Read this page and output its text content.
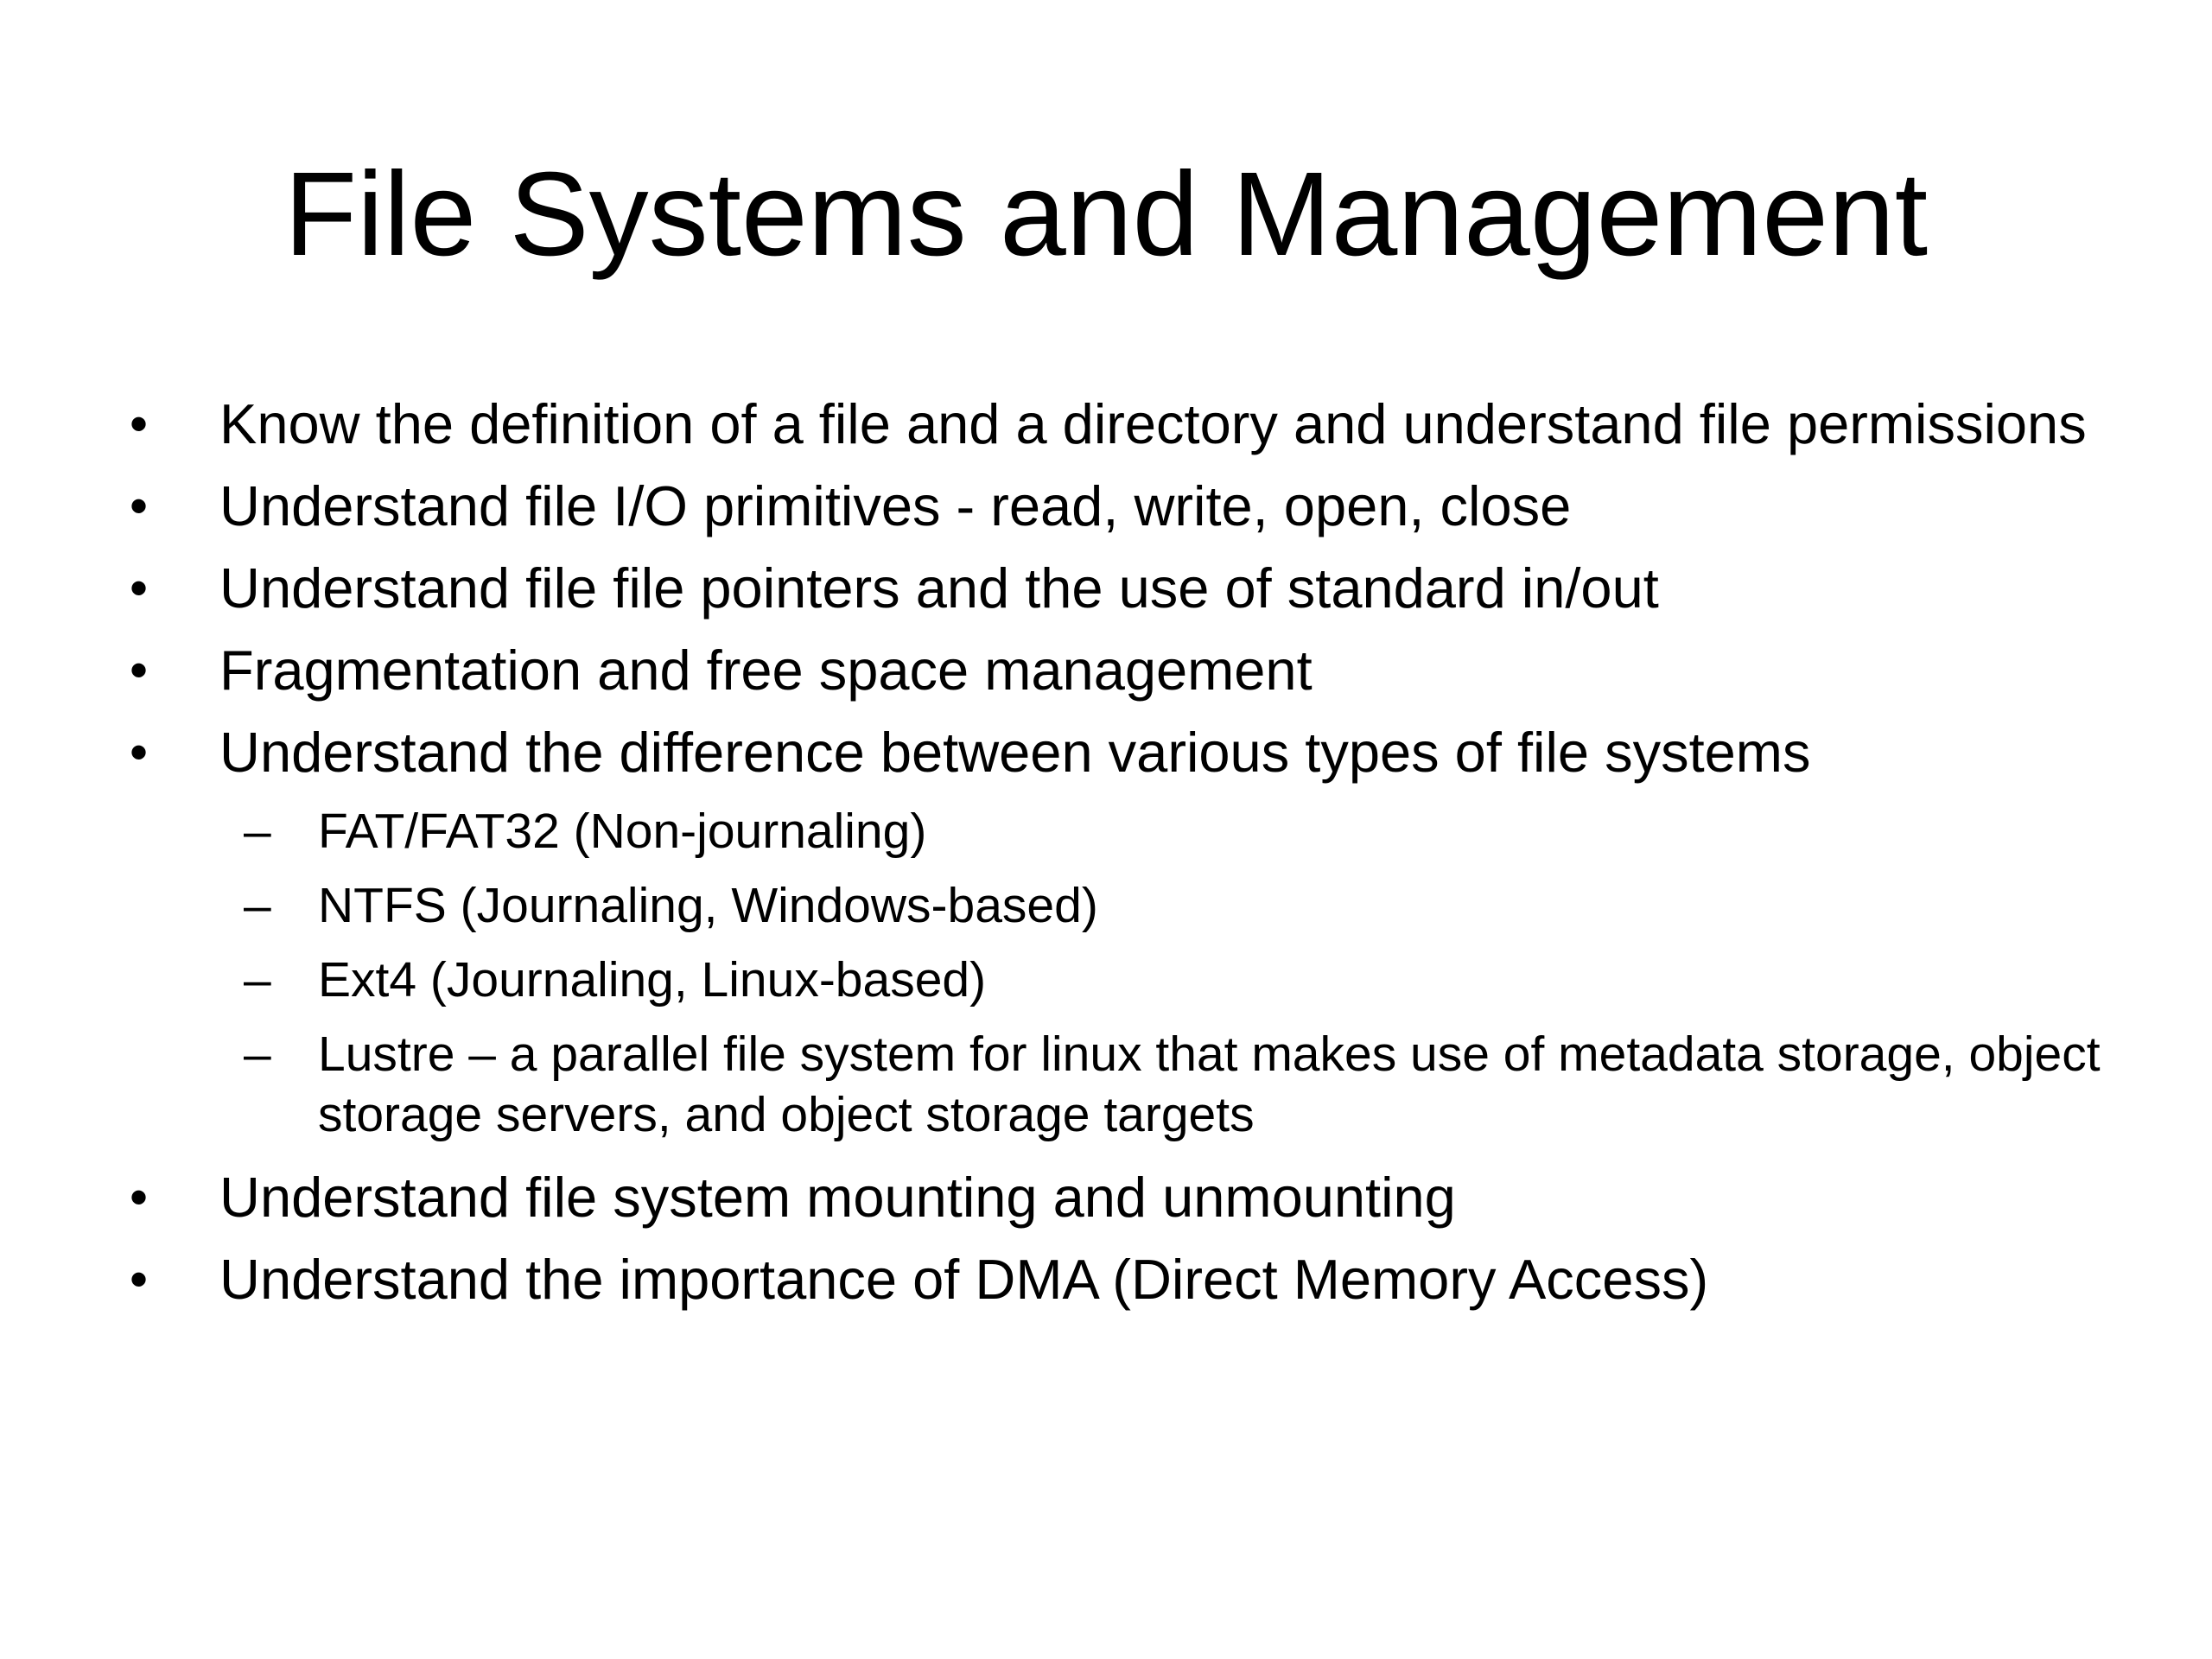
File Systems and Management
• Know the definition of a file and a directory and understand file permissions
• Understand file I/O primitives - read, write, open, close
• Understand file file pointers and the use of standard in/out
• Fragmentation and free space management
• Understand the difference between various types of file systems
– FAT/FAT32 (Non-journaling)
– NTFS (Journaling, Windows-based)
– Ext4 (Journaling, Linux-based)
– Lustre – a parallel file system for linux that makes use of metadata storage, object storage servers, and object storage targets
• Understand file system mounting and unmounting
• Understand the importance of DMA (Direct Memory Access)
